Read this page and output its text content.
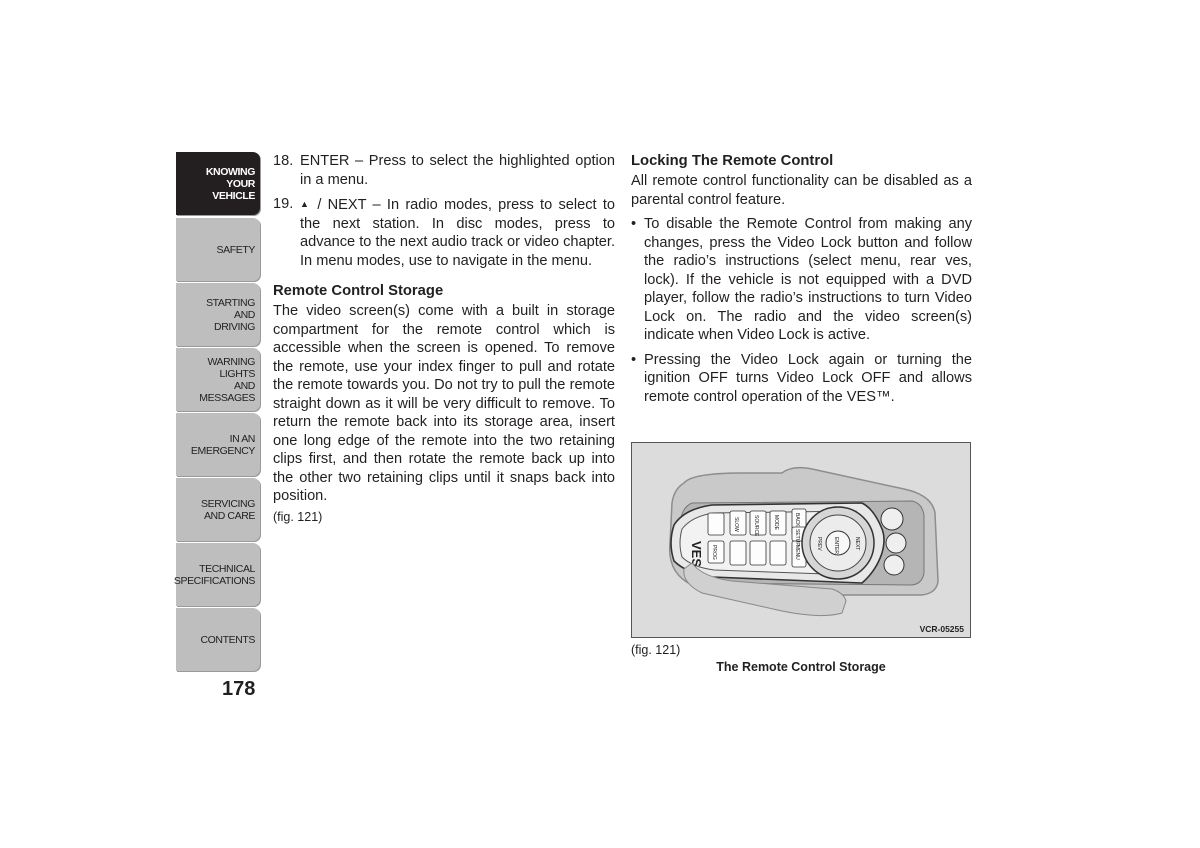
KNOWING
YOUR
VEHICLE
SAFETY
STARTING
AND
DRIVING
WARNING
LIGHTS
AND
MESSAGES
IN AN
EMERGENCY
SERVICING
AND CARE
TECHNICAL
SPECIFICATIONS
CONTENTS
178
18. ENTER – Press to select the highlighted option in a menu.
19. ▲ / NEXT – In radio modes, press to select to the next station. In disc modes, press to advance to the next audio track or video chapter. In menu modes, use to navigate in the menu.
Remote Control Storage

The video screen(s) come with a built in storage compartment for the remote control which is accessible when the screen is opened. To remove the remote, use your index finger to pull and rotate the remote towards you. Do not try to pull the remote straight down as it will be very difficult to remove. To return the remote back into its storage area, insert one long edge of the remote into the two retaining clips first, and then rotate the remote back up into the other two retaining clips until it snaps back into position.

(fig. 121)
Locking The Remote Control

All remote control functionality can be disabled as a parental control feature.

• To disable the Remote Control from making any changes, press the Video Lock button and follow the radio’s instructions (select menu, rear ves, lock). If the vehicle is not equipped with a DVD player, follow the radio’s instructions to turn Video Lock on. The radio and the video screen(s) indicate when Video Lock is active.
• Pressing the Video Lock again or turning the ignition OFF turns Video Lock OFF and allows remote control operation of the VES™.
VES
SLOW	SOURCE	MODE	BACK
SETUP
MENU
PROG	ENTER	NEXT
PREV
VCR-05255
(fig. 121)
The Remote Control Storage
